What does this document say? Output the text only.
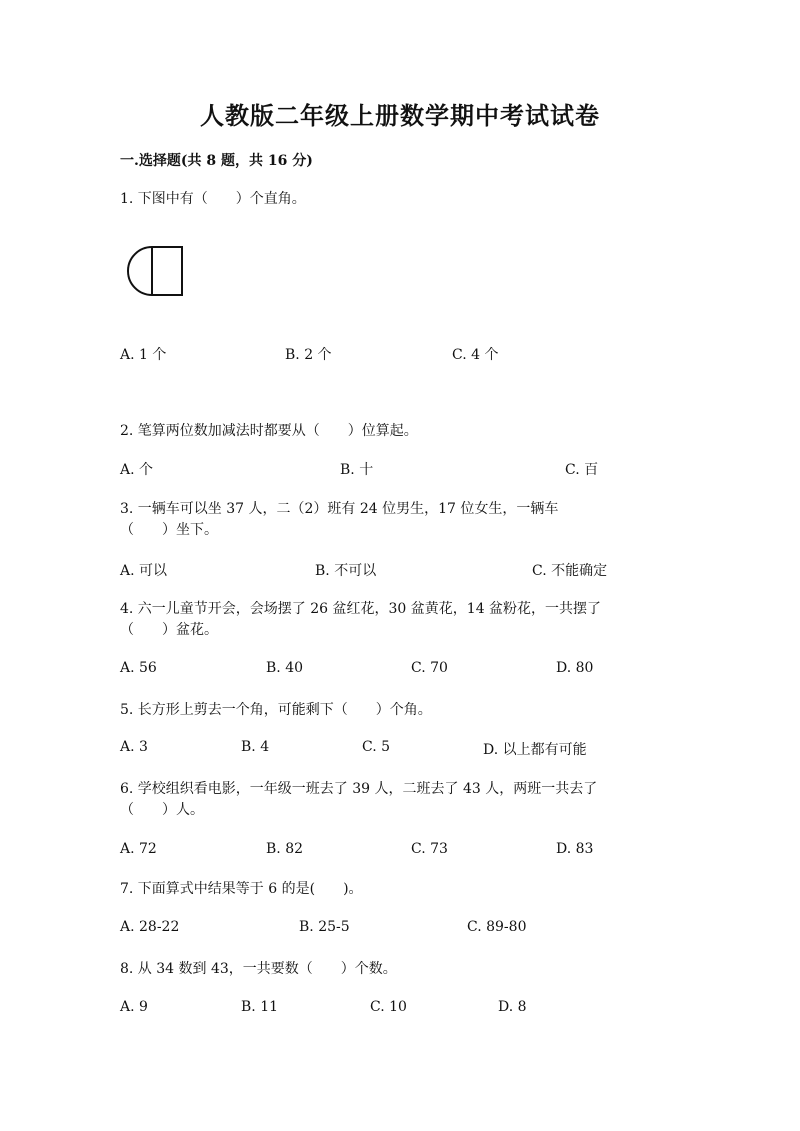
人教版二年级上册数学期中考试试卷
一.选择题(共 8 题，共 16 分)
1. 下图中有（　　）个直角。
A. 1 个	B. 2 个	C. 4 个
2. 笔算两位数加减法时都要从（　　）位算起。
A. 个	B. 十	C. 百
3. 一辆车可以坐 37 人，二（2）班有 24 位男生，17 位女生，一辆车
（　　）坐下。
A. 可以	B. 不可以	C. 不能确定
4. 六一儿童节开会，会场摆了 26 盆红花，30 盆黄花，14 盆粉花，一共摆了
（　　）盆花。
A. 56	B. 40	C. 70	D. 80
5. 长方形上剪去一个角，可能剩下（　　）个角。
A. 3	B. 4	C. 5	D. 以上都有可能
6. 学校组织看电影，一年级一班去了 39 人，二班去了 43 人，两班一共去了
（　　）人。
A. 72	B. 82	C. 73	D. 83
7. 下面算式中结果等于 6 的是(　　)。
A. 28-22	B. 25-5	C. 89-80
8. 从 34 数到 43，一共要数（　　）个数。
A. 9	B. 11	C. 10	D. 8
